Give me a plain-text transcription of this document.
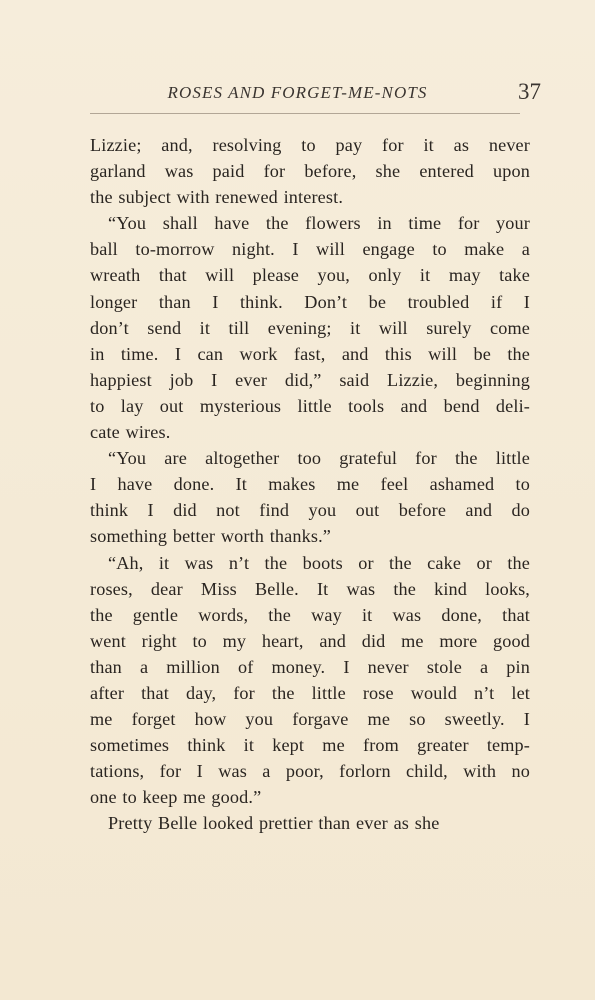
ROSES AND FORGET-ME-NOTS	37
Lizzie; and, resolving to pay for it as never
garland was paid for before, she entered upon
the subject with renewed interest.
“You shall have the flowers in time for your
ball to-morrow night. I will engage to make a
wreath that will please you, only it may take
longer than I think. Don’t be troubled if I
don’t send it till evening; it will surely come
in time. I can work fast, and this will be the
happiest job I ever did,” said Lizzie, beginning
to lay out mysterious little tools and bend deli-
cate wires.
“You are altogether too grateful for the little
I have done. It makes me feel ashamed to
think I did not find you out before and do
something better worth thanks.”
“Ah, it was n’t the boots or the cake or the
roses, dear Miss Belle. It was the kind looks,
the gentle words, the way it was done, that
went right to my heart, and did me more good
than a million of money. I never stole a pin
after that day, for the little rose would n’t let
me forget how you forgave me so sweetly. I
sometimes think it kept me from greater temp-
tations, for I was a poor, forlorn child, with no
one to keep me good.”
Pretty Belle looked prettier than ever as she
